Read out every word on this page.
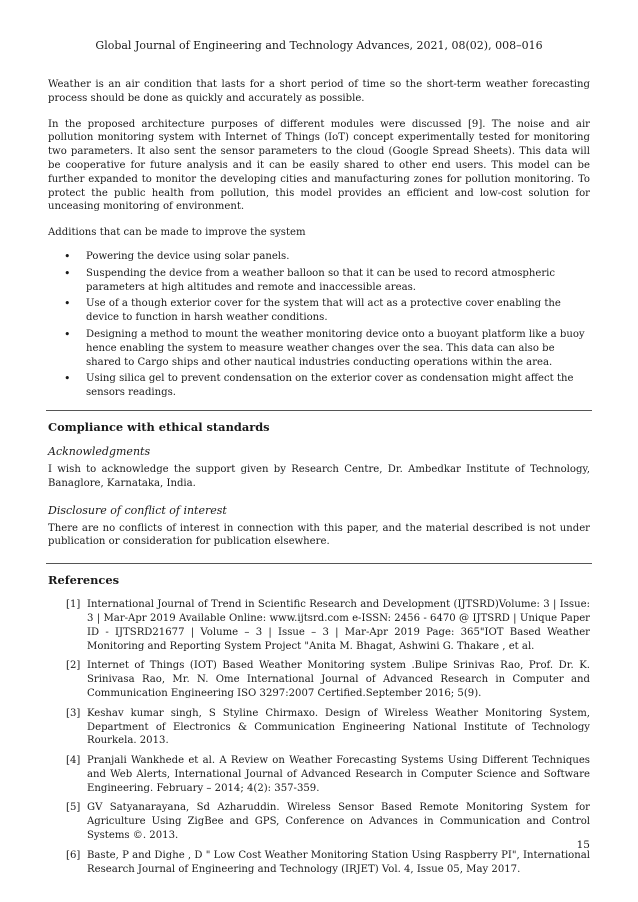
Global Journal of Engineering and Technology Advances, 2021, 08(02), 008–016

Weather is an air condition that lasts for a short period of time so the short-term weather forecasting process should be done as quickly and accurately as possible.

In the proposed architecture purposes of different modules were discussed [9]. The noise and air pollution monitoring system with Internet of Things (IoT) concept experimentally tested for monitoring two parameters. It also sent the sensor parameters to the cloud (Google Spread Sheets). This data will be cooperative for future analysis and it can be easily shared to other end users. This model can be further expanded to monitor the developing cities and manufacturing zones for pollution monitoring. To protect the public health from pollution, this model provides an efficient and low-cost solution for unceasing monitoring of environment.

Additions that can be made to improve the system

• Powering the device using solar panels.
• Suspending the device from a weather balloon so that it can be used to record atmospheric parameters at high altitudes and remote and inaccessible areas.
• Use of a though exterior cover for the system that will act as a protective cover enabling the device to function in harsh weather conditions.
• Designing a method to mount the weather monitoring device onto a buoyant platform like a buoy hence enabling the system to measure weather changes over the sea. This data can also be shared to Cargo ships and other nautical industries conducting operations within the area.
• Using silica gel to prevent condensation on the exterior cover as condensation might affect the sensors readings.
Compliance with ethical standards
Acknowledgments

I wish to acknowledge the support given by Research Centre, Dr. Ambedkar Institute of Technology, Banaglore, Karnataka, India.

Disclosure of conflict of interest

There are no conflicts of interest in connection with this paper, and the material described is not under publication or consideration for publication elsewhere.

References
[1] International Journal of Trend in Scientific Research and Development (IJTSRD)Volume: 3 | Issue: 3 | Mar-Apr 2019 Available Online: www.ijtsrd.com e-ISSN: 2456 - 6470 @ IJTSRD | Unique Paper ID - IJTSRD21677 | Volume – 3 | Issue – 3 | Mar-Apr 2019 Page: 365"IOT Based Weather Monitoring and Reporting System Project "Anita M. Bhagat, Ashwini G. Thakare , et al.
[2] Internet of Things (IOT) Based Weather Monitoring system .Bulipe Srinivas Rao, Prof. Dr. K. Srinivasa Rao, Mr. N. Ome International Journal of Advanced Research in Computer and Communication Engineering ISO 3297:2007 Certified.September 2016; 5(9).
[3] Keshav kumar singh, S Styline Chirmaxo. Design of Wireless Weather Monitoring System, Department of Electronics & Communication Engineering National Institute of Technology Rourkela. 2013.
[4] Pranjali Wankhede et al. A Review on Weather Forecasting Systems Using Different Techniques and Web Alerts, International Journal of Advanced Research in Computer Science and Software Engineering. February – 2014; 4(2): 357-359.
[5] GV Satyanarayana, Sd Azharuddin. Wireless Sensor Based Remote Monitoring System for Agriculture Using ZigBee and GPS, Conference on Advances in Communication and Control Systems ©. 2013.
[6] Baste, P and Dighe , D " Low Cost Weather Monitoring Station Using Raspberry PI", International Research Journal of Engineering and Technology (IRJET) Vol. 4, Issue 05, May 2017.
15
